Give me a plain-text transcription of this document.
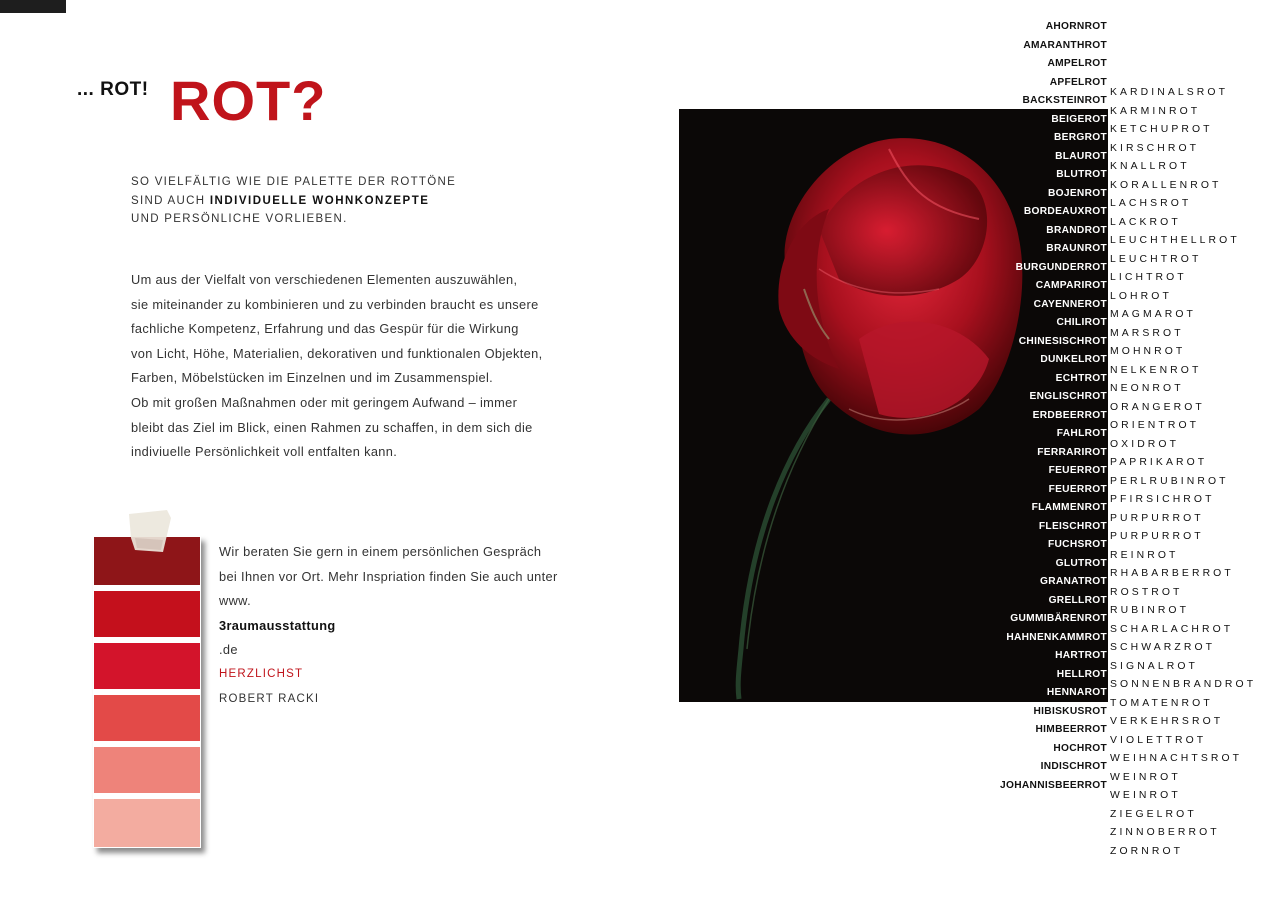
... ROT! ROT?
SO VIELFÄLTIG WIE DIE PALETTE DER ROTTÖNE
SIND AUCH INDIVIDUELLE WOHNKONZEPTE
UND PERSÖNLICHE VORLIEBEN.
Um aus der Vielfalt von verschiedenen Elementen auszuwählen,
sie miteinander zu kombinieren und zu verbinden braucht es unsere
fachliche Kompetenz, Erfahrung und das Gespür für die Wirkung
von Licht, Höhe, Materialien, dekorativen und funktionalen Objekten,
Farben, Möbelstücken im Einzelnen und im Zusammenspiel.
Ob mit großen Maßnahmen oder mit geringem Aufwand – immer
bleibt das Ziel im Blick, einen Rahmen zu schaffen, in dem sich die
indiviuelle Persönlichkeit voll entfalten kann.
Wir beraten Sie gern in einem persönlichen Gespräch
bei Ihnen vor Ort. Mehr Inspriation finden Sie auch unter
www.
3raumausstattung
.de
HERZLICHST
ROBERT RACKI
AHORNROT
AMARANTHROT
AMPELROT
APFELROT
BACKSTEINROT
BEIGEROT
BERGROT
BLAUROT
BLUTROT
BOJENROT
BORDEAUXROT
BRANDROT
BRAUNROT
BURGUNDERROT
CAMPARIROT
CAYENNEROT
CHILIROT
CHINESISCHROT
DUNKELROT
ECHTROT
ENGLISCHROT
ERDBEERROT
FAHLROT
FERRARIROT
FEUERROT
FEUERROT
FLAMMENROT
FLEISCHROT
FUCHSROT
GLUTROT
GRANATROT
GRELLROT
GUMMIBÄRENROT
HAHNENKAMMROT
HARTROT
HELLROT
HENNAROT
HIBISKUSROT
HIMBEERROT
HOCHROT
INDISCHROT
JOHANNISBEERROT
KARDINALSROT
KARMINROT
KETCHUPROT
KIRSCHROT
KNALLROT
KORALLENROT
LACHSROT
LACKROT
LEUCHTHELLROT
LEUCHTROT
LICHTROT
LOHROT
MAGMAROT
MARSROT
MOHNROT
NELKENROT
NEONROT
ORANGEROT
ORIENTROT
OXIDROT
PAPRIKAROT
PERLRUBINROT
PFIRSICHROT
PURPURROT
PURPURROT
REINROT
RHABARBERROT
ROSTROT
RUBINROT
SCHARLACHROT
SCHWARZROT
SIGNALROT
SONNENBRANDROT
TOMATENROT
VERKEHRSROT
VIOLETTROT
WEIHNACHTSROT
WEINROT
WEINROT
ZIEGELROT
ZINNOBERROT
ZORNROT
